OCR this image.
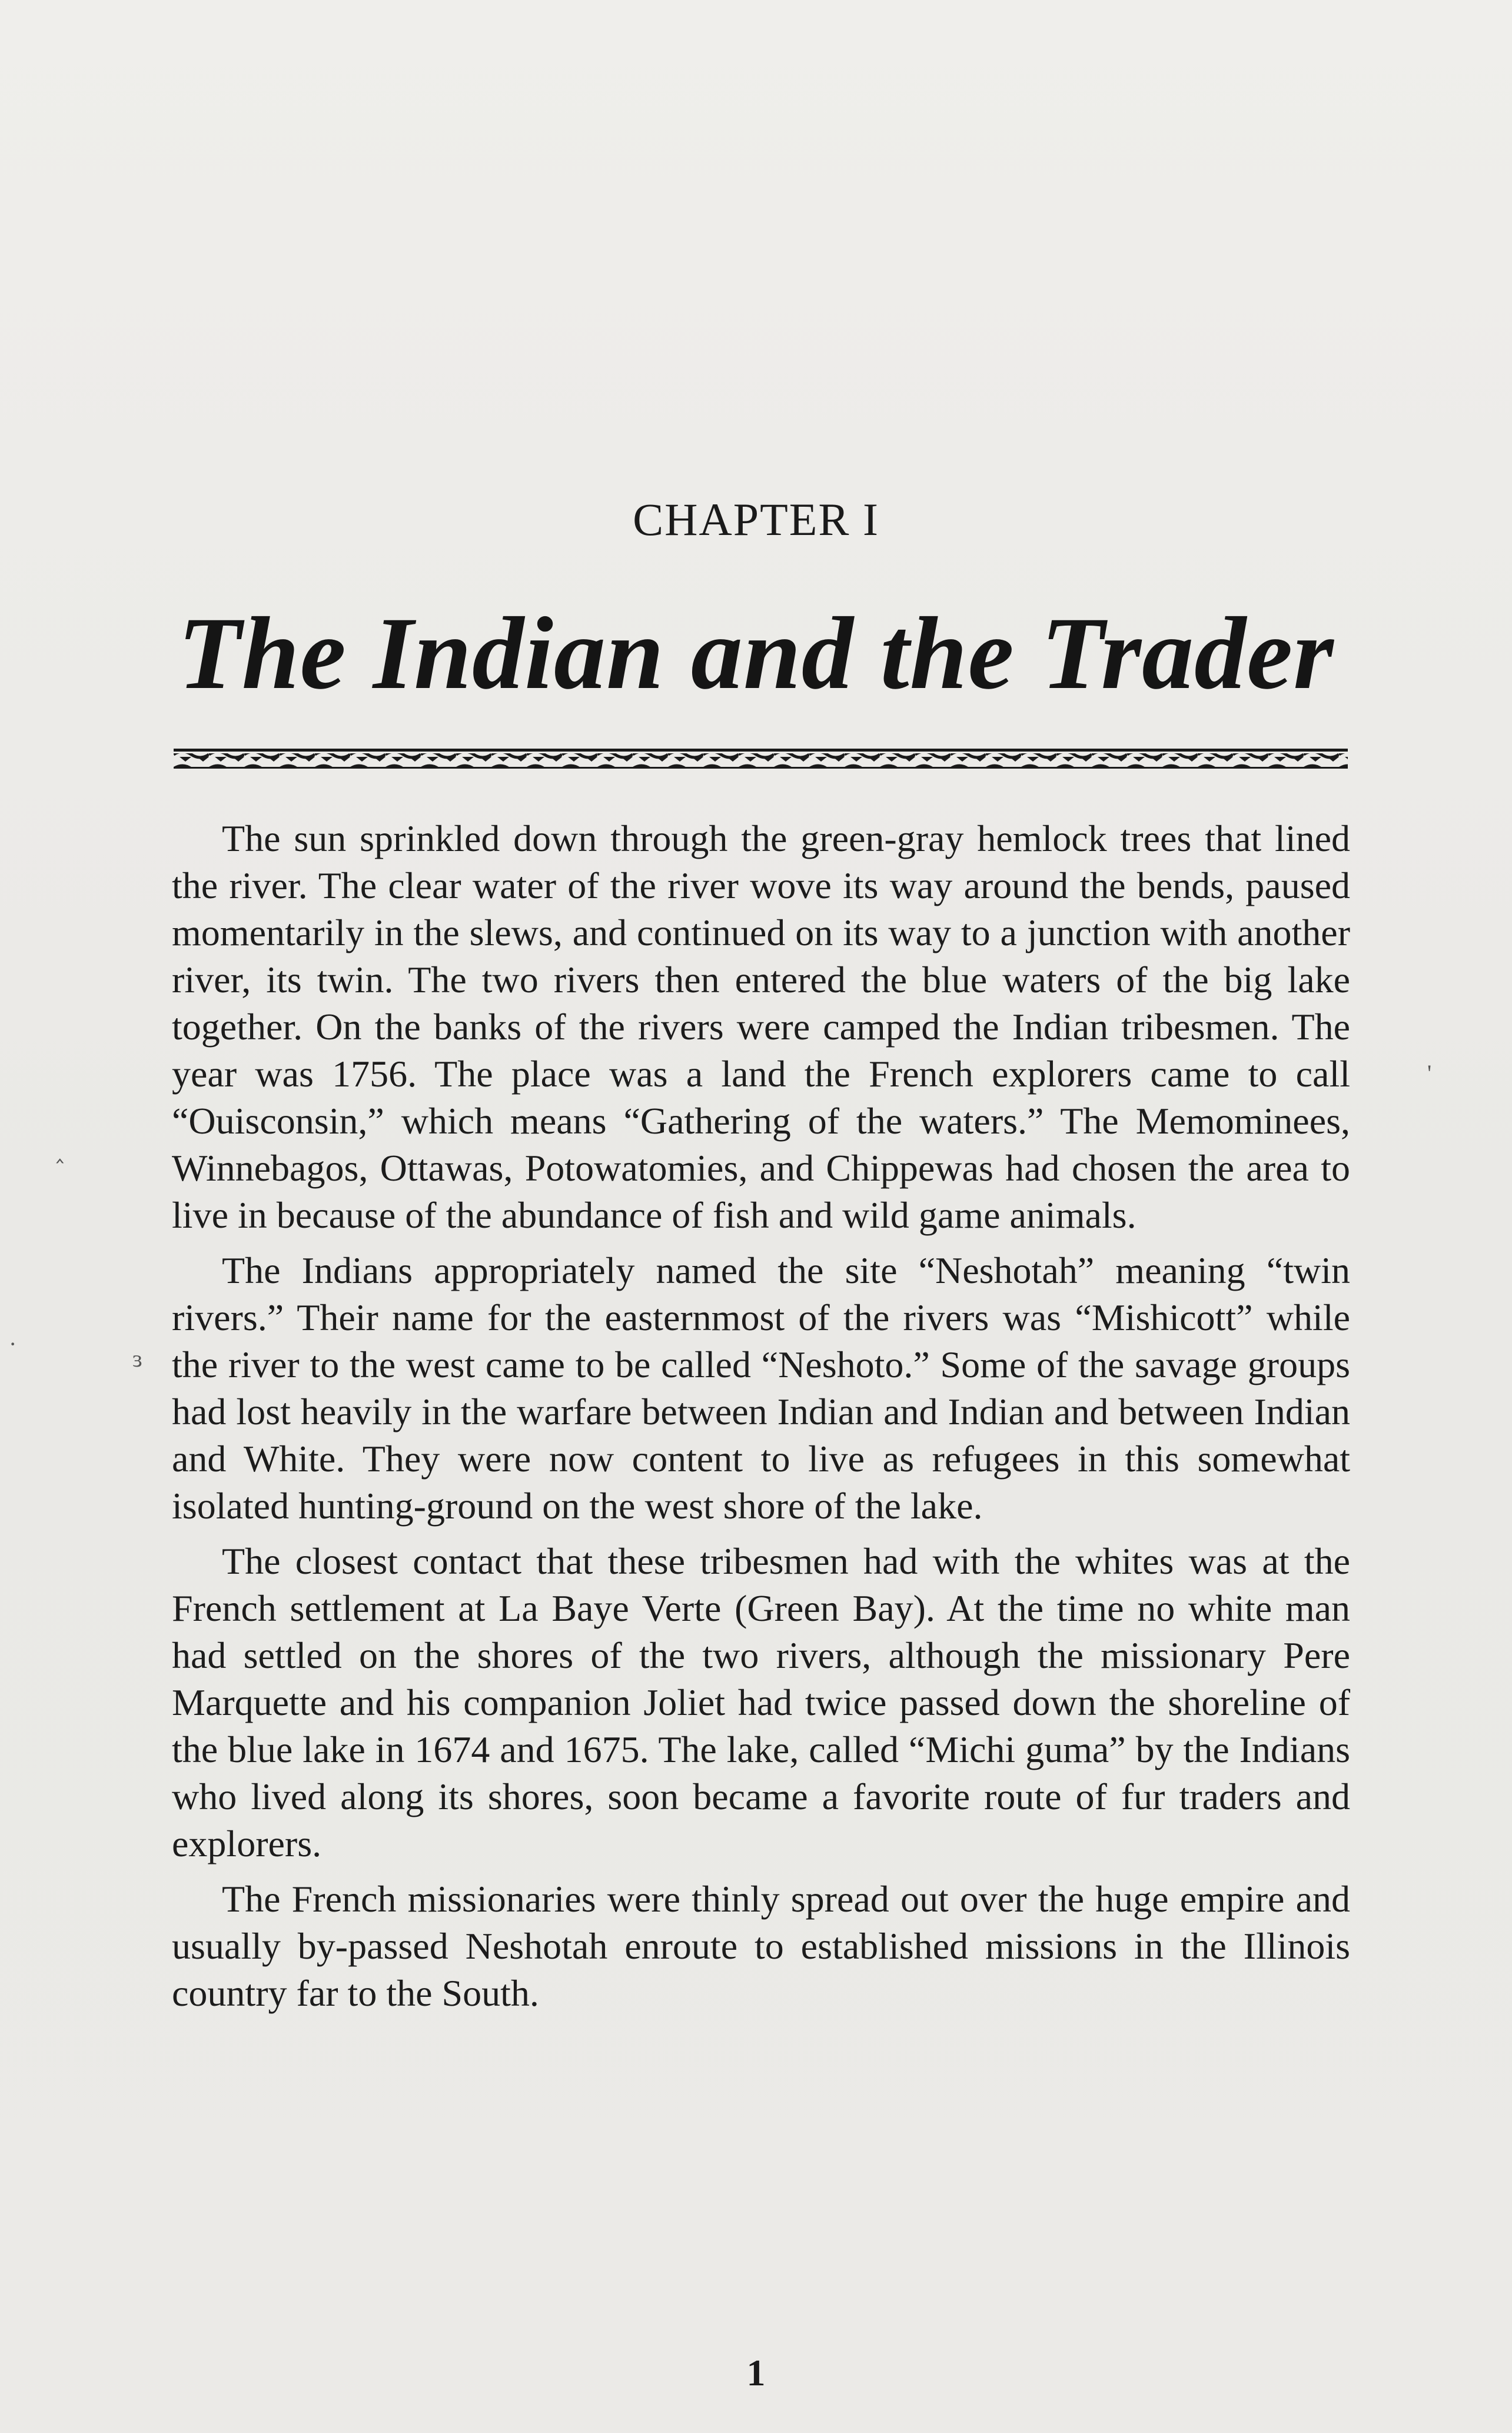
CHAPTER I
The Indian and the Trader

The sun sprinkled down through the green-gray hemlock trees that lined the river. The clear water of the river wove its way around the bends, paused momentarily in the slews, and continued on its way to a junction with another river, its twin. The two rivers then entered the blue waters of the big lake together. On the banks of the rivers were camped the Indian tribesmen. The year was 1756. The place was a land the French explorers came to call “Ouisconsin,” which means “Gathering of the waters.” The Memominees, Winnebagos, Ottawas, Potowatomies, and Chippewas had chosen the area to live in because of the abundance of fish and wild game animals.

The Indians appropriately named the site “Neshotah” meaning “twin rivers.” Their name for the easternmost of the rivers was “Mishicott” while the river to the west came to be called “Neshoto.” Some of the savage groups had lost heavily in the warfare between Indian and Indian and between Indian and White. They were now content to live as refugees in this somewhat isolated hunting-ground on the west shore of the lake.

The closest contact that these tribesmen had with the whites was at the French settlement at La Baye Verte (Green Bay). At the time no white man had settled on the shores of the two rivers, although the missionary Pere Marquette and his companion Joliet had twice passed down the shoreline of the blue lake in 1674 and 1675. The lake, called “Michi guma” by the Indians who lived along its shores, soon became a favorite route of fur traders and explorers.

The French missionaries were thinly spread out over the huge empire and usually by-passed Neshotah enroute to established missions in the Illinois country far to the South.

‸
·
ɜ
'
1
